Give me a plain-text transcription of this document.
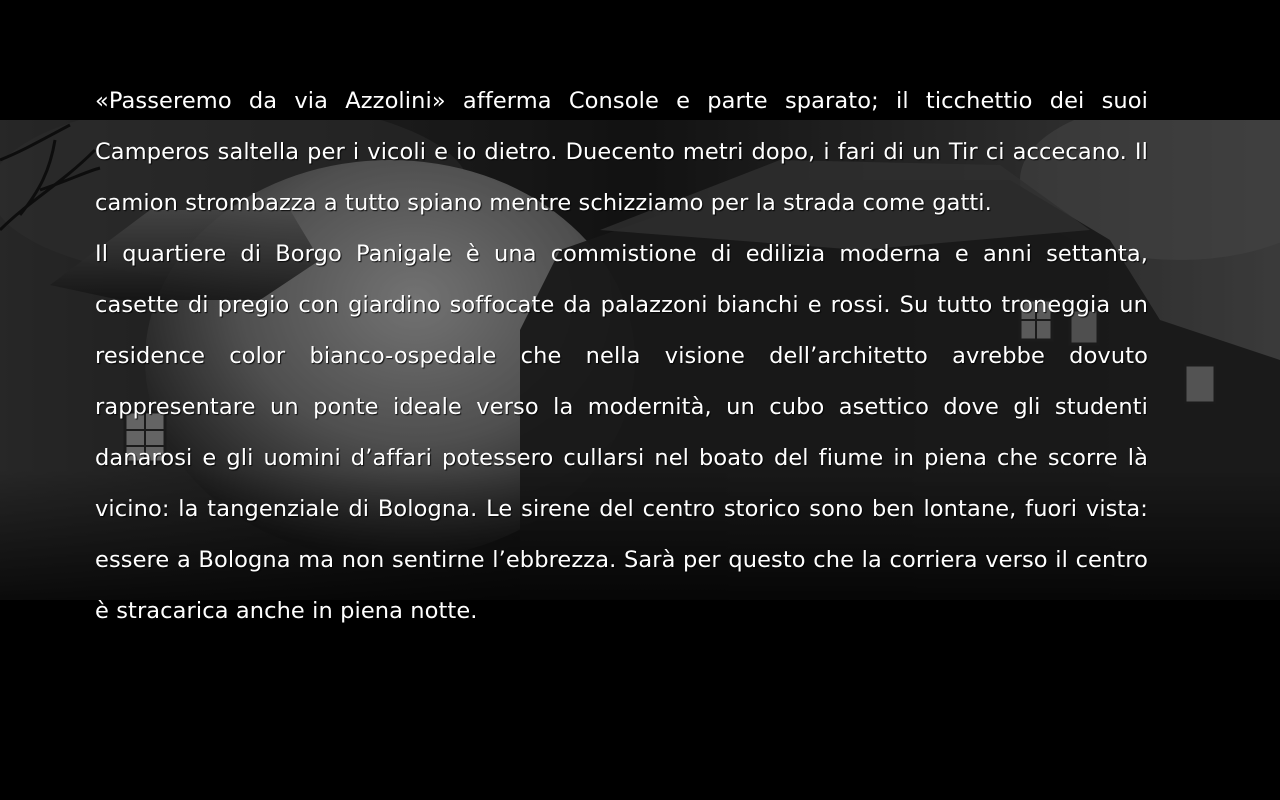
«Passeremo da via Azzolini» afferma Console e parte sparato; il ticchettio dei suoi Camperos saltella per i vicoli e io dietro. Duecento metri dopo, i fari di un Tir ci accecano. Il camion strombazza a tutto spiano mentre schizziamo per la strada come gatti.

Il quartiere di Borgo Panigale è una commistione di edilizia moderna e anni settanta, casette di pregio con giardino soffocate da palazzoni bianchi e rossi. Su tutto troneggia un residence color bianco-ospedale che nella visione dell’architetto avrebbe dovuto rappresentare un ponte ideale verso la modernità, un cubo asettico dove gli studenti danarosi e gli uomini d’affari potessero cullarsi nel boato del fiume in piena che scorre là vicino: la tangenziale di Bologna. Le sirene del centro storico sono ben lontane, fuori vista: essere a Bologna ma non sentirne l’ebbrezza. Sarà per questo che la corriera verso il centro è stracarica anche in piena notte.
